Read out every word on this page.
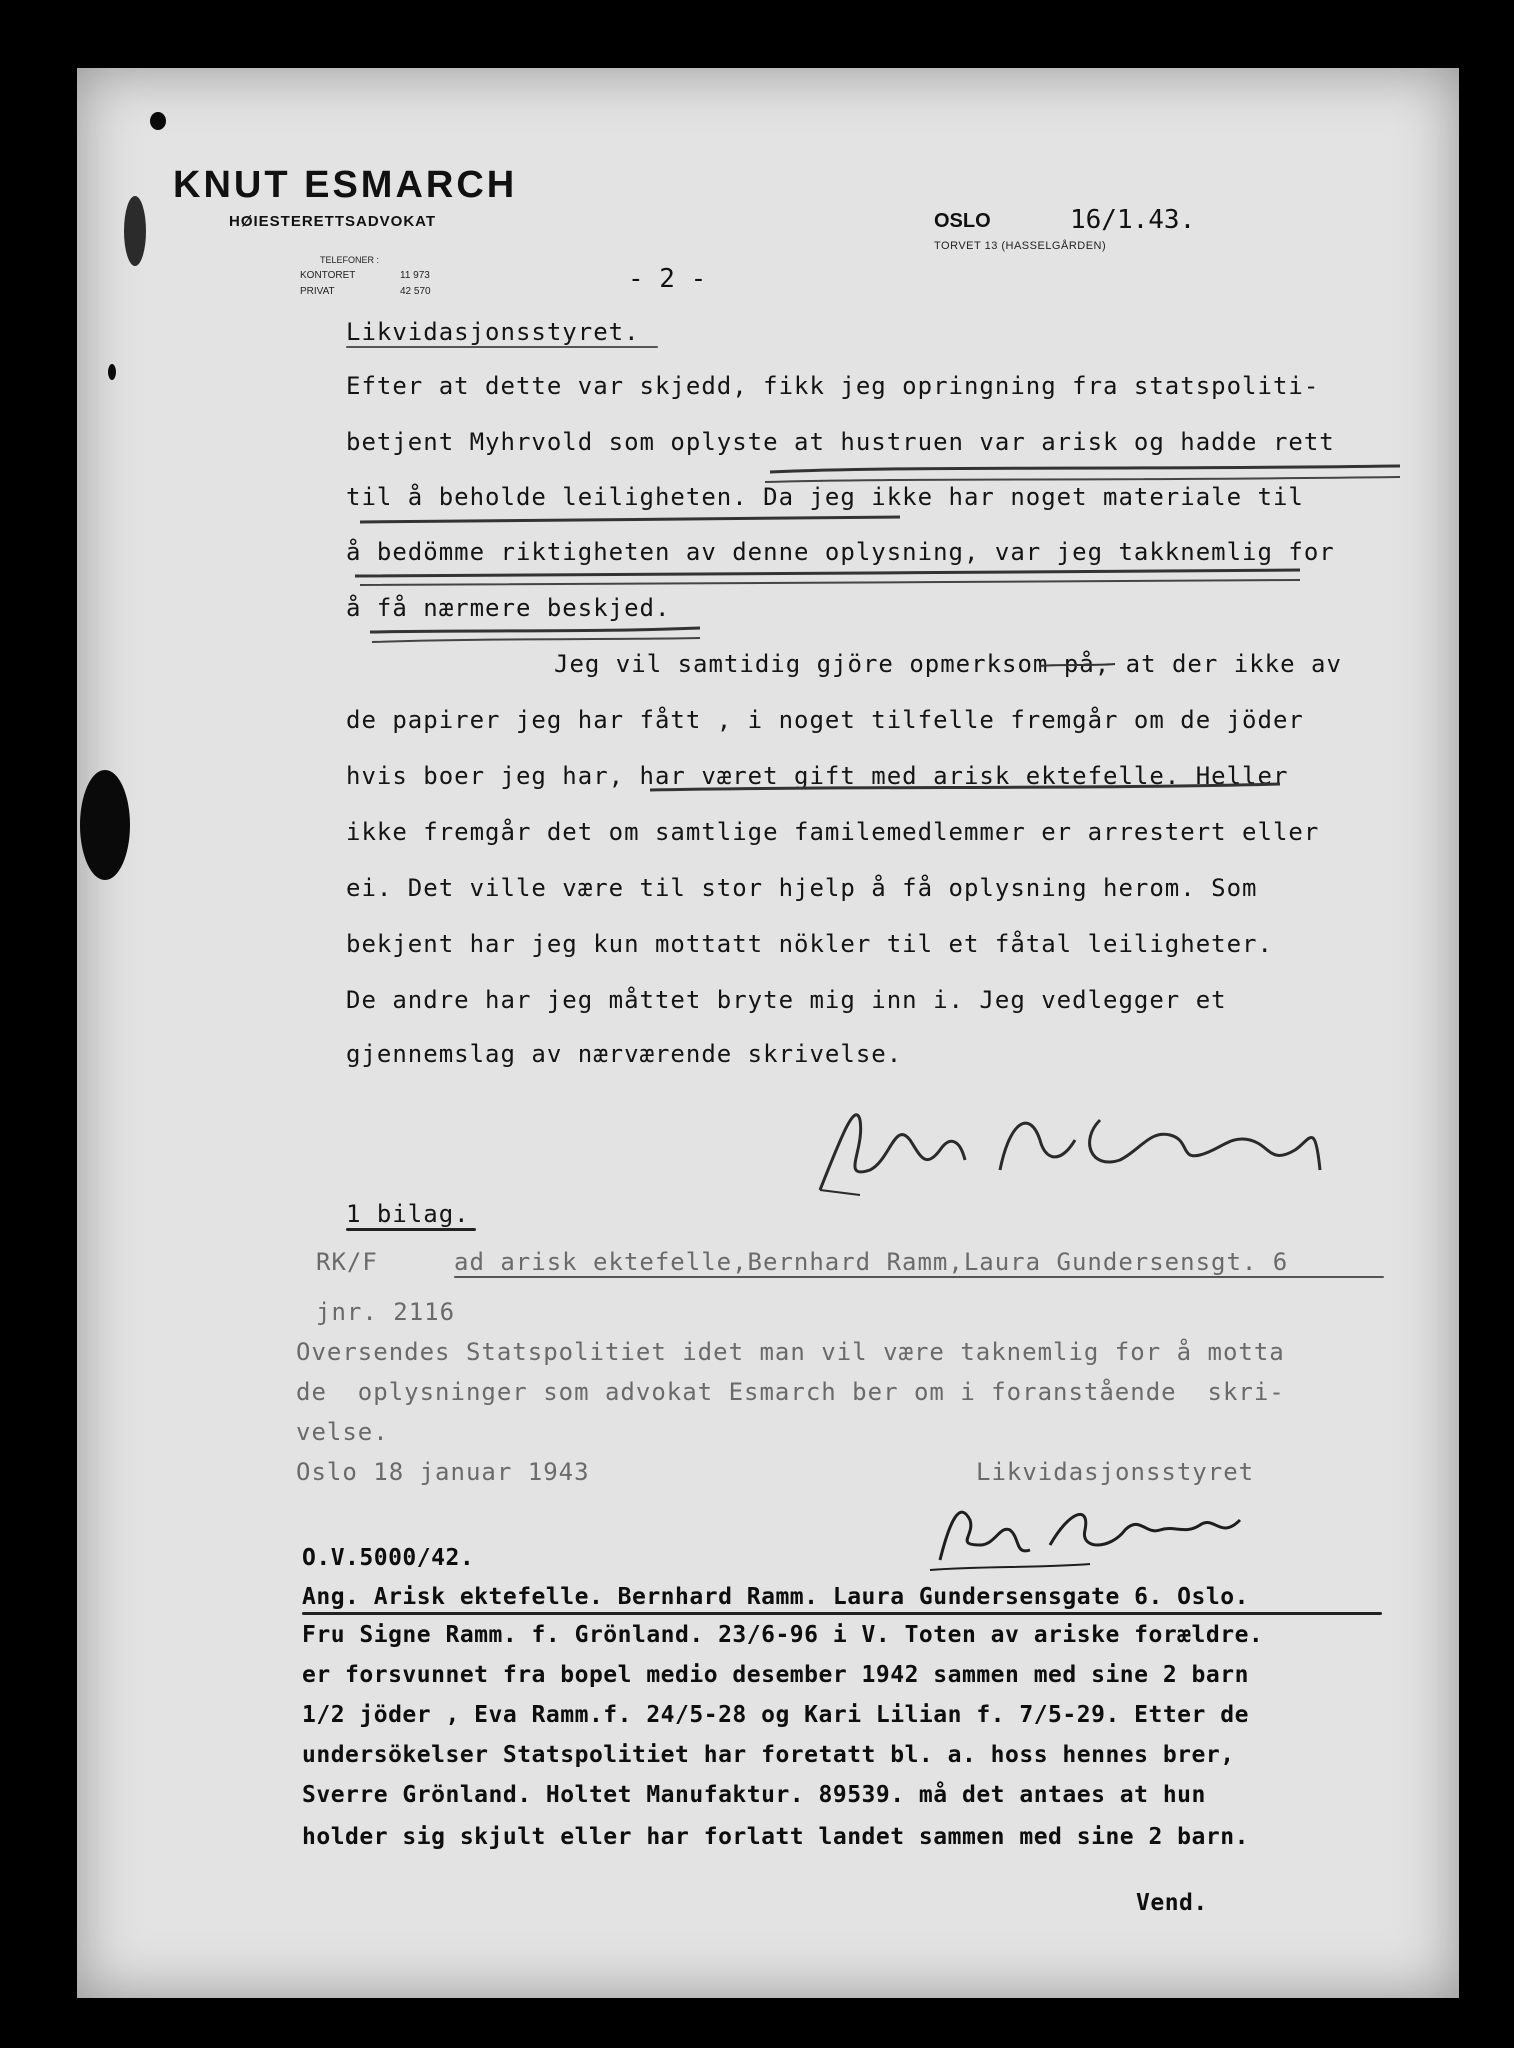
KNUT ESMARCH
HØIESTERETTSADVOKAT
TELEFONER :
KONTORET	11 973
PRIVAT	42 570
OSLO
TORVET 13 (HASSELGÅRDEN)
16/1.43.
- 2 -
Likvidasjonsstyret.
Efter at dette var skjedd, fikk jeg opringning fra statspoliti-
betjent Myhrvold som oplyste at hustruen var arisk og hadde rett
til å beholde leiligheten. Da jeg ikke har noget materiale til
å bedömme riktigheten av denne oplysning, var jeg takknemlig for
å få nærmere beskjed.
Jeg vil samtidig gjöre opmerksom på, at der ikke av
de papirer jeg har fått , i noget tilfelle fremgår om de jöder
hvis boer jeg har, har været gift med arisk ektefelle. Heller
ikke fremgår det om samtlige familemedlemmer er arrestert eller
ei. Det ville være til stor hjelp å få oplysning herom. Som
bekjent har jeg kun mottatt nökler til et fåtal leiligheter.
De andre har jeg måttet bryte mig inn i. Jeg vedlegger et
gjennemslag av nærværende skrivelse.
1 bilag.
RK/F	ad arisk ektefelle,Bernhard Ramm,Laura Gundersensgt. 6
jnr. 2116
Oversendes Statspolitiet idet man vil være taknemlig for å motta
de  oplysninger som advokat Esmarch ber om i foranstående  skri-
velse.
Oslo 18 januar 1943	Likvidasjonsstyret
O.V.5000/42.
Ang. Arisk ektefelle. Bernhard Ramm. Laura Gundersensgate 6. Oslo.
Fru Signe Ramm. f. Grönland. 23/6-96 i V. Toten av ariske forældre.
er forsvunnet fra bopel medio desember 1942 sammen med sine 2 barn
1/2 jöder , Eva Ramm.f. 24/5-28 og Kari Lilian f. 7/5-29. Etter de
undersökelser Statspolitiet har foretatt bl. a. hoss hennes brer,
Sverre Grönland. Holtet Manufaktur. 89539. må det antaes at hun
holder sig skjult eller har forlatt landet sammen med sine 2 barn.
Vend.
